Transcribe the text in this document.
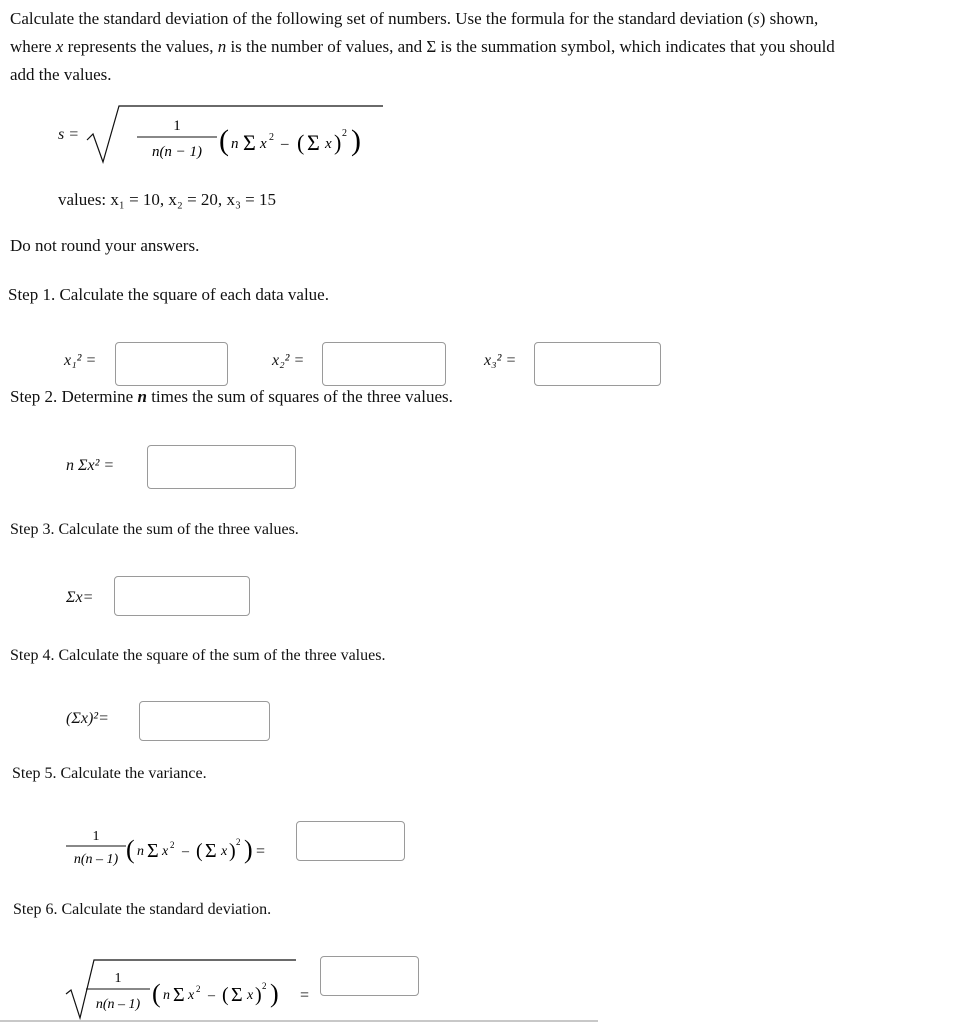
Calculate the standard deviation of the following set of numbers. Use the formula for the standard deviation (s) shown,
where x represents the values, n is the number of values, and Σ is the summation symbol, which indicates that you should
add the values.
s =	1
n(n − 1) ( n Σ x 2 – ( Σ x ) 2 )
values: x₁ = 10, x₂ = 20, x₃ = 15
Do not round your answers.
Step 1. Calculate the square of each data value.
x₁² =	x₂² =	x₃² =
Step 2. Determine n times the sum of squares of the three values.
n Σx² =
Step 3. Calculate the sum of the three values.
Σx=
Step 4. Calculate the square of the sum of the three values.
(Σx)²=
Step 5. Calculate the variance.
1
n(n – 1) ( n Σ x 2 – ( Σ x ) 2 ) =
Step 6. Calculate the standard deviation.
1
n(n – 1) ( n Σ x 2 – ( Σ x ) 2 ) =
